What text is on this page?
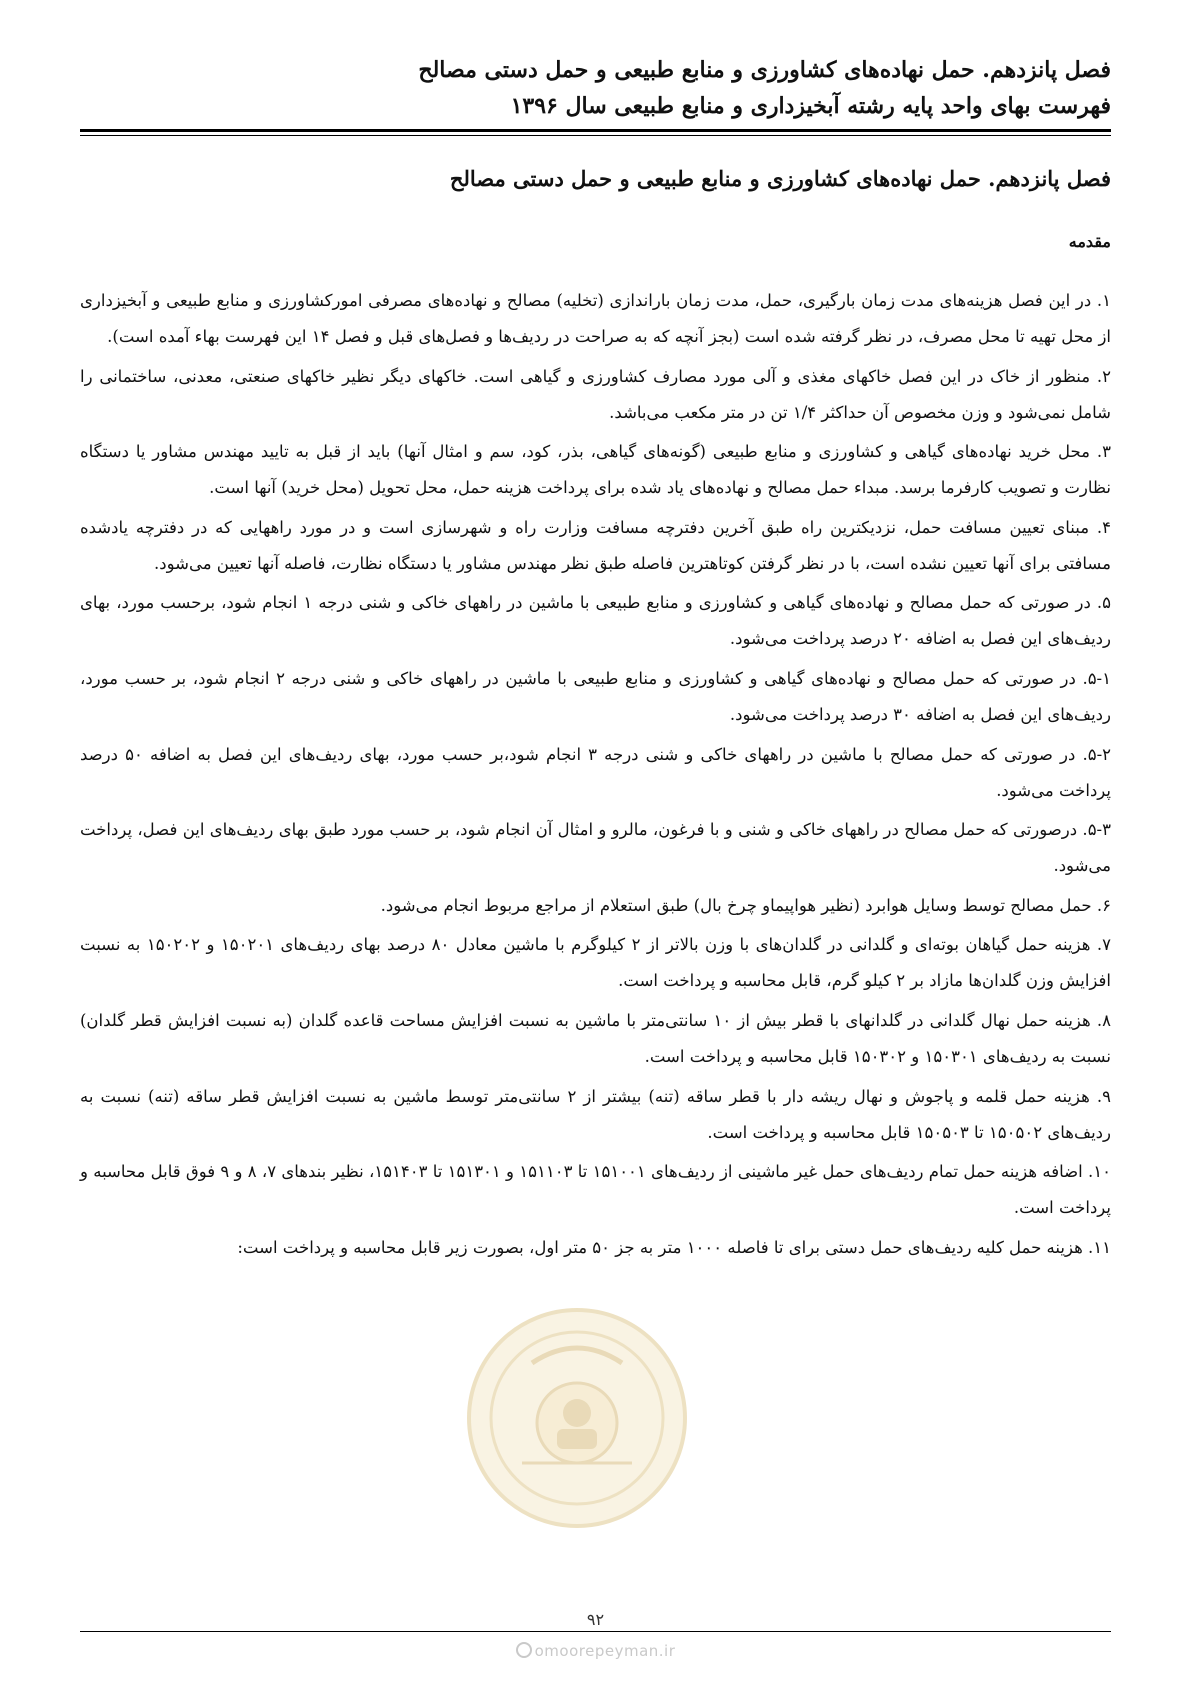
فصل پانزدهم. حمل نهاده‌های کشاورزی و منابع طبیعی و حمل دستی مصالح
فهرست بهای واحد پایه رشته آبخیزداری و منابع طبیعی سال ۱۳۹۶
فصل پانزدهم. حمل نهاده‌های کشاورزی و منابع طبیعی و حمل دستی مصالح
مقدمه

۱. در این فصل هزینه‌های مدت زمان بارگیری، حمل، مدت زمان باراندازی (تخلیه) مصالح و نهاده‌های مصرفی امورکشاورزی و منابع طبیعی و آبخیزداری از محل تهیه تا محل مصرف، در نظر گرفته شده است (بجز آنچه که به صراحت در ردیف‌ها و فصل‌های قبل و فصل ۱۴ این فهرست بهاء آمده است).

۲. منظور از خاک در این فصل خاکهای مغذی و آلی مورد مصارف کشاورزی و گیاهی است. خاکهای دیگر نظیر خاکهای صنعتی، معدنی، ساختمانی را شامل نمی‌شود و وزن مخصوص آن حداکثر ۱/۴ تن در متر مکعب می‌باشد.

۳. محل خرید نهاده‌های گیاهی و کشاورزی و منابع طبیعی (گونه‌های گیاهی، بذر، کود، سم و امثال آنها) باید از قبل به تایید مهندس مشاور یا دستگاه نظارت و تصویب کارفرما برسد. مبداء حمل مصالح و نهاده‌های یاد شده برای پرداخت هزینه حمل، محل تحویل (محل خرید) آنها است.

۴. مبنای تعیین مسافت حمل، نزدیکترین راه طبق آخرین دفترچه مسافت وزارت راه و شهرسازی است و در مورد راههایی که در دفترچه یادشده مسافتی برای آنها تعیین نشده است، با در نظر گرفتن کوتاهترین فاصله طبق نظر مهندس مشاور یا دستگاه نظارت، فاصله آنها تعیین می‌شود.

۵. در صورتی که حمل مصالح و نهاده‌های گیاهی و کشاورزی و منابع طبیعی با ماشین در راههای خاکی و شنی درجه ۱ انجام شود، برحسب مورد، بهای ردیف‌های این فصل به اضافه ۲۰ درصد پرداخت می‌شود.

۵-۱. در صورتی که حمل مصالح و نهاده‌های گیاهی و کشاورزی و منابع طبیعی با ماشین در راههای خاکی و شنی درجه ۲ انجام شود، بر حسب مورد، ردیف‌های این فصل به اضافه ۳۰ درصد پرداخت می‌شود.

۵-۲. در صورتی که حمل مصالح با ماشین در راههای خاکی و شنی درجه ۳ انجام شود،بر حسب مورد، بهای ردیف‌های این فصل به اضافه ۵۰ درصد پرداخت می‌شود.

۵-۳. درصورتی که حمل مصالح در راههای خاکی و شنی و با فرغون، مالرو و امثال آن انجام شود، بر حسب مورد طبق بهای ردیف‌های این فصل، پرداخت می‌شود.

۶. حمل مصالح توسط وسایل هوابرد (نظیر هواپیماو چرخ بال) طبق استعلام از مراجع مربوط انجام می‌شود.

۷. هزینه حمل گیاهان بوته‌ای و گلدانی در گلدان‌های با وزن بالاتر از ۲ کیلوگرم با ماشین معادل ۸۰ درصد بهای ردیف‌های ۱۵۰۲۰۱ و ۱۵۰۲۰۲ به نسبت افزایش وزن گلدان‌ها مازاد بر ۲ کیلو گرم، قابل محاسبه و پرداخت است.

۸. هزینه حمل نهال گلدانی در گلدانهای با قطر بیش از ۱۰ سانتی‌متر با ماشین به نسبت افزایش مساحت قاعده گلدان (به نسبت افزایش قطر گلدان) نسبت به ردیف‌های ۱۵۰۳۰۱ و ۱۵۰۳۰۲ قابل محاسبه و پرداخت است.

۹. هزینه حمل قلمه و پاجوش و نهال ریشه دار با قطر ساقه (تنه) بیشتر از ۲ سانتی‌متر توسط ماشین به نسبت افزایش قطر ساقه (تنه) نسبت به ردیف‌های ۱۵۰۵۰۲ تا ۱۵۰۵۰۳ قابل محاسبه و پرداخت است.

۱۰. اضافه هزینه حمل تمام ردیف‌های حمل غیر ماشینی از ردیف‌های ۱۵۱۰۰۱ تا ۱۵۱۱۰۳ و ۱۵۱۳۰۱ تا ۱۵۱۴۰۳، نظیر بندهای ۷، ۸ و ۹ فوق قابل محاسبه و پرداخت است.

۱۱. هزینه حمل کلیه ردیف‌های حمل دستی برای تا فاصله ۱۰۰۰ متر به جز ۵۰ متر اول، بصورت زیر قابل محاسبه و پرداخت است:

۹۲
omoorepeyman.ir
